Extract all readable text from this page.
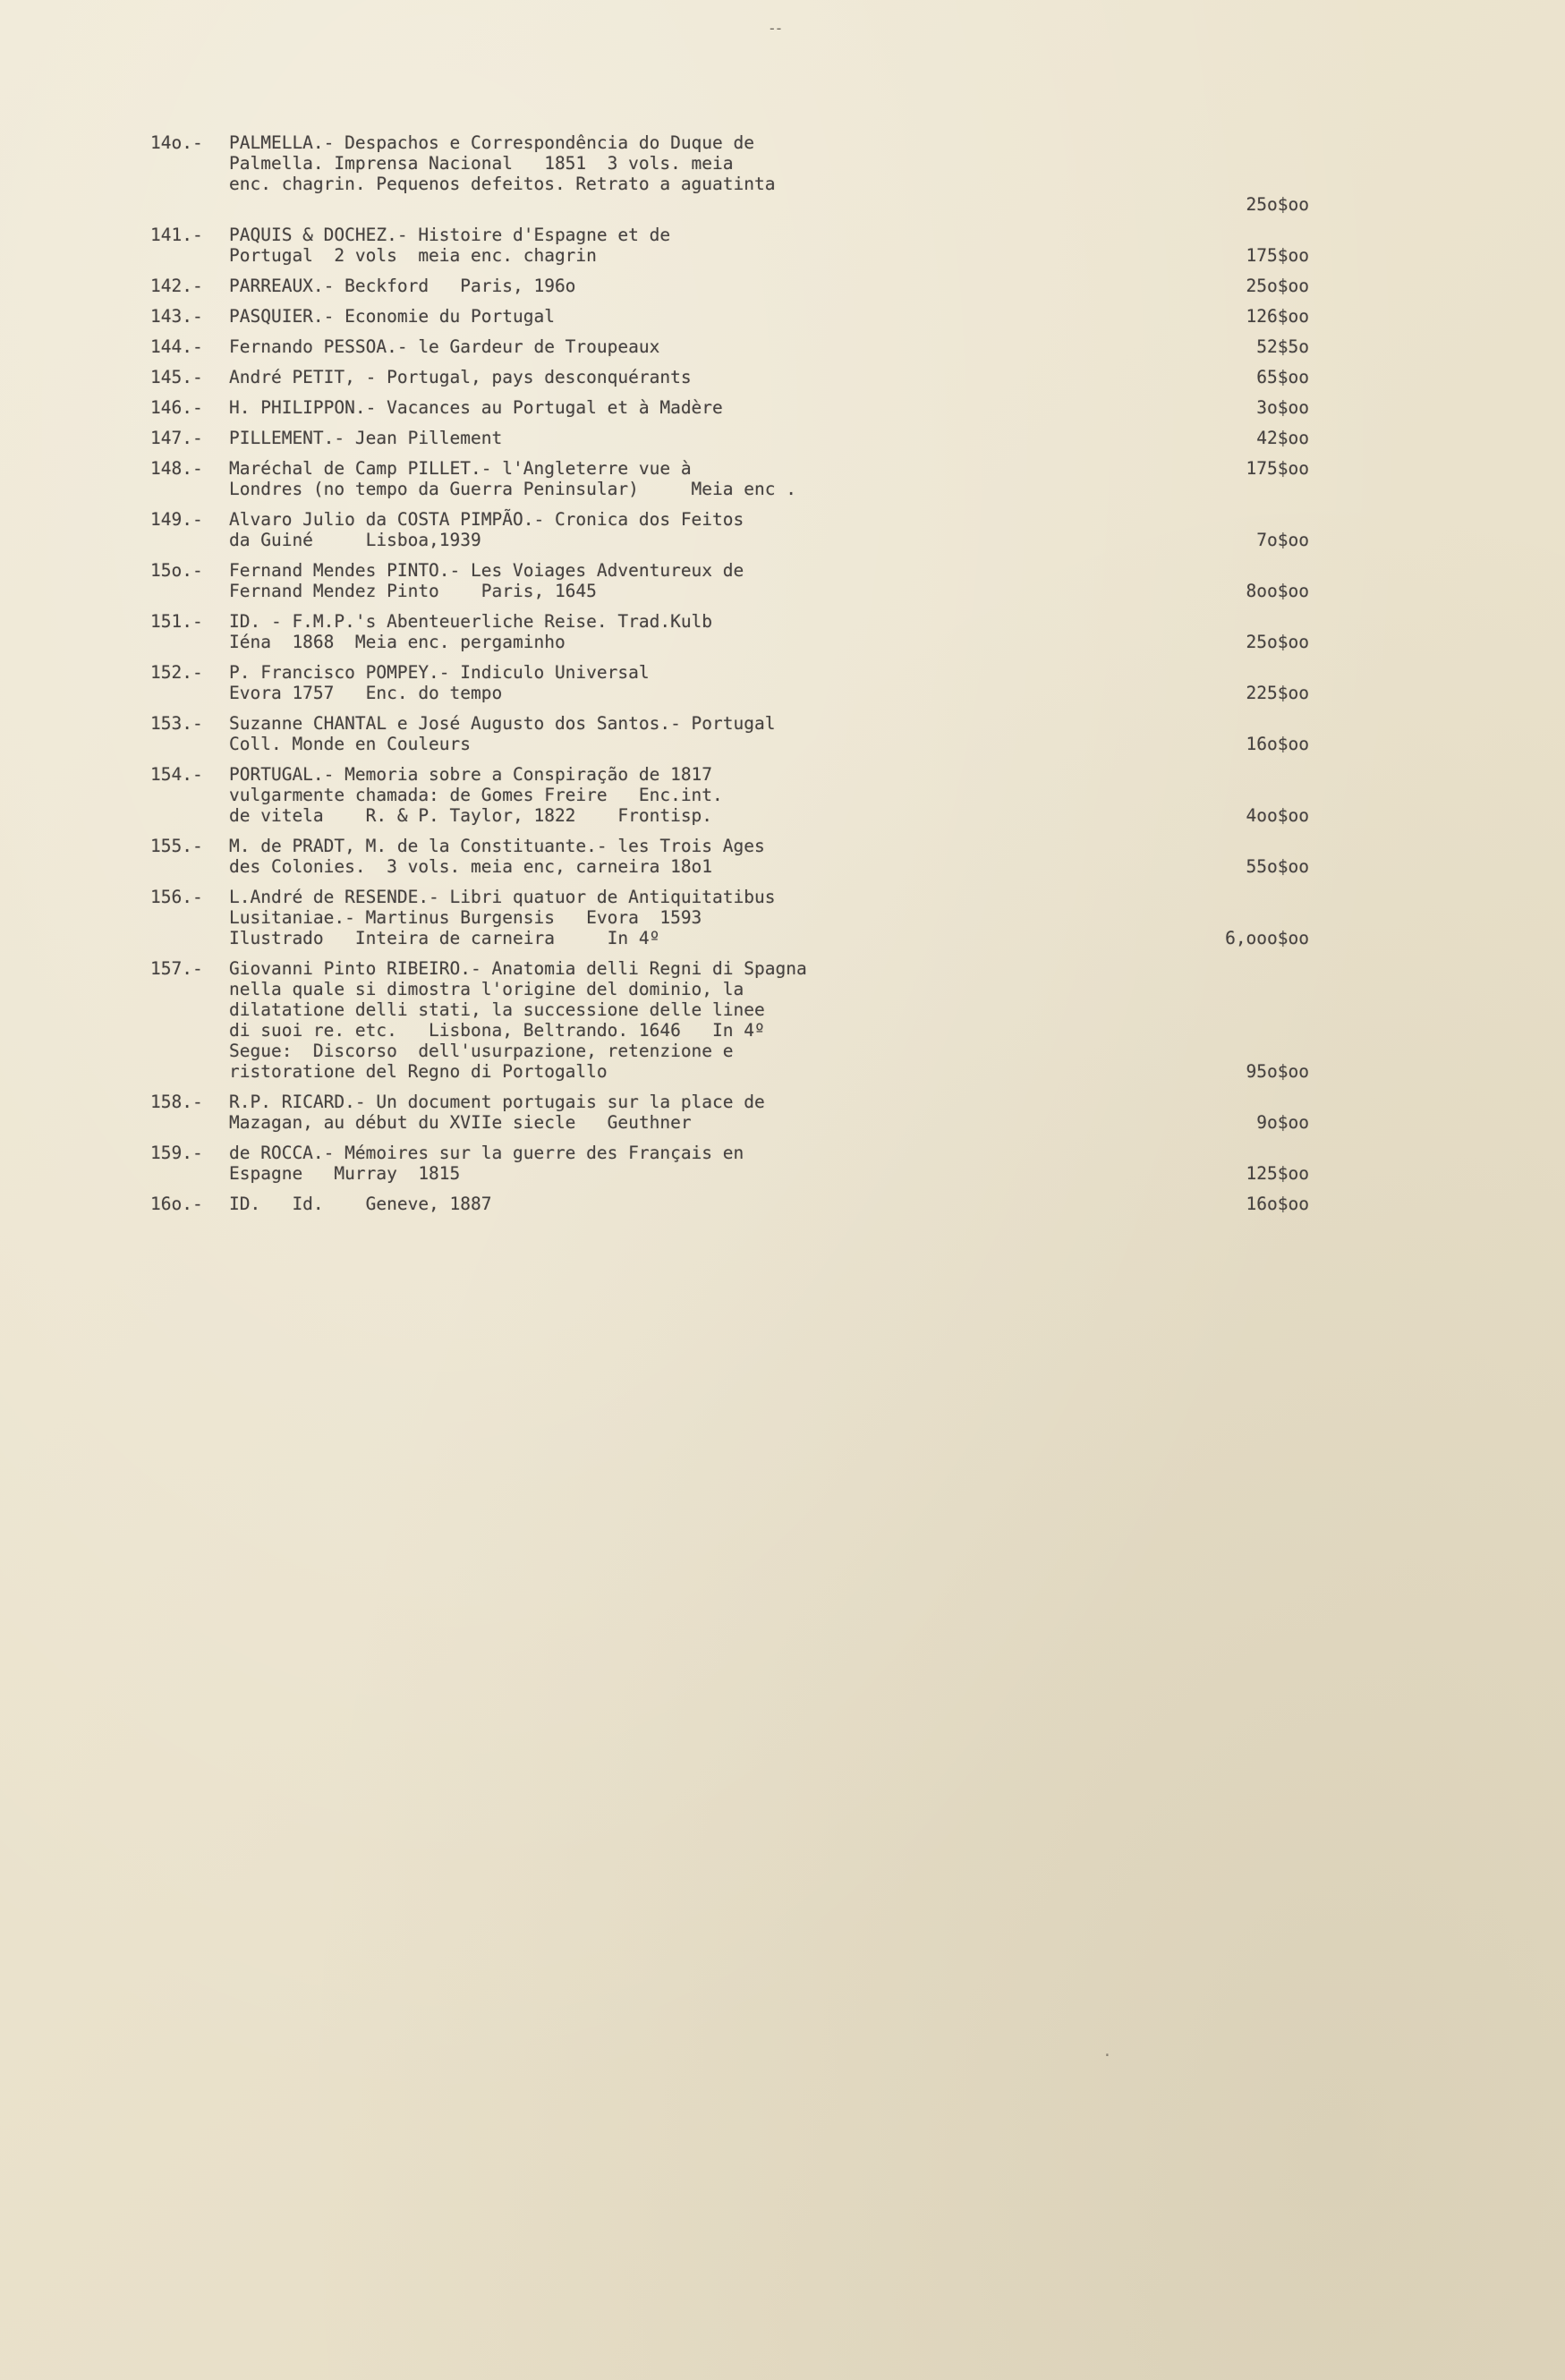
--
14o.-	PALMELLA.- Despachos e Correspondência do Duque de
Palmella. Imprensa Nacional   1851  3 vols. meia
enc. chagrin. Pequenos defeitos. Retrato a aguatinta
25o$oo
141.-	PAQUIS & DOCHEZ.- Histoire d'Espagne et de
Portugal  2 vols  meia enc. chagrin	175$oo
142.-	PARREAUX.- Beckford   Paris, 196o	25o$oo
143.-	PASQUIER.- Economie du Portugal	126$oo
144.-	Fernando PESSOA.- le Gardeur de Troupeaux	52$5o
145.-	André PETIT, - Portugal, pays desconquérants	65$oo
146.-	H. PHILIPPON.- Vacances au Portugal et à Madère	3o$oo
147.-	PILLEMENT.- Jean Pillement	42$oo
148.-	Maréchal de Camp PILLET.- l'Angleterre vue à	175$oo
Londres (no tempo da Guerra Peninsular)     Meia enc .
149.-	Alvaro Julio da COSTA PIMPÃO.- Cronica dos Feitos
da Guiné     Lisboa,1939	7o$oo
15o.-	Fernand Mendes PINTO.- Les Voiages Adventureux de
Fernand Mendez Pinto    Paris, 1645	8oo$oo
151.-	ID. - F.M.P.'s Abenteuerliche Reise. Trad.Kulb
Iéna  1868  Meia enc. pergaminho	25o$oo
152.-	P. Francisco POMPEY.- Indiculo Universal
Evora 1757   Enc. do tempo	225$oo
153.-	Suzanne CHANTAL e José Augusto dos Santos.- Portugal
Coll. Monde en Couleurs	16o$oo
154.-	PORTUGAL.- Memoria sobre a Conspiração de 1817
vulgarmente chamada: de Gomes Freire   Enc.int.
de vitela    R. & P. Taylor, 1822    Frontisp.	4oo$oo
155.-	M. de PRADT, M. de la Constituante.- les Trois Ages
des Colonies.  3 vols. meia enc, carneira 18o1	55o$oo
156.-	L.André de RESENDE.- Libri quatuor de Antiquitatibus
Lusitaniae.- Martinus Burgensis   Evora  1593
Ilustrado   Inteira de carneira     In 4º	6,ooo$oo
157.-	Giovanni Pinto RIBEIRO.- Anatomia delli Regni di Spagna
nella quale si dimostra l'origine del dominio, la
dilatatione delli stati, la successione delle linee
di suoi re. etc.   Lisbona, Beltrando. 1646   In 4º
Segue:  Discorso  dell'usurpazione, retenzione e
ristoratione del Regno di Portogallo	95o$oo
158.-	R.P. RICARD.- Un document portugais sur la place de
Mazagan, au début du XVIIe siecle   Geuthner	9o$oo
159.-	de ROCCA.- Mémoires sur la guerre des Français en
Espagne   Murray  1815	125$oo
16o.-	ID.   Id.    Geneve, 1887	16o$oo
.
